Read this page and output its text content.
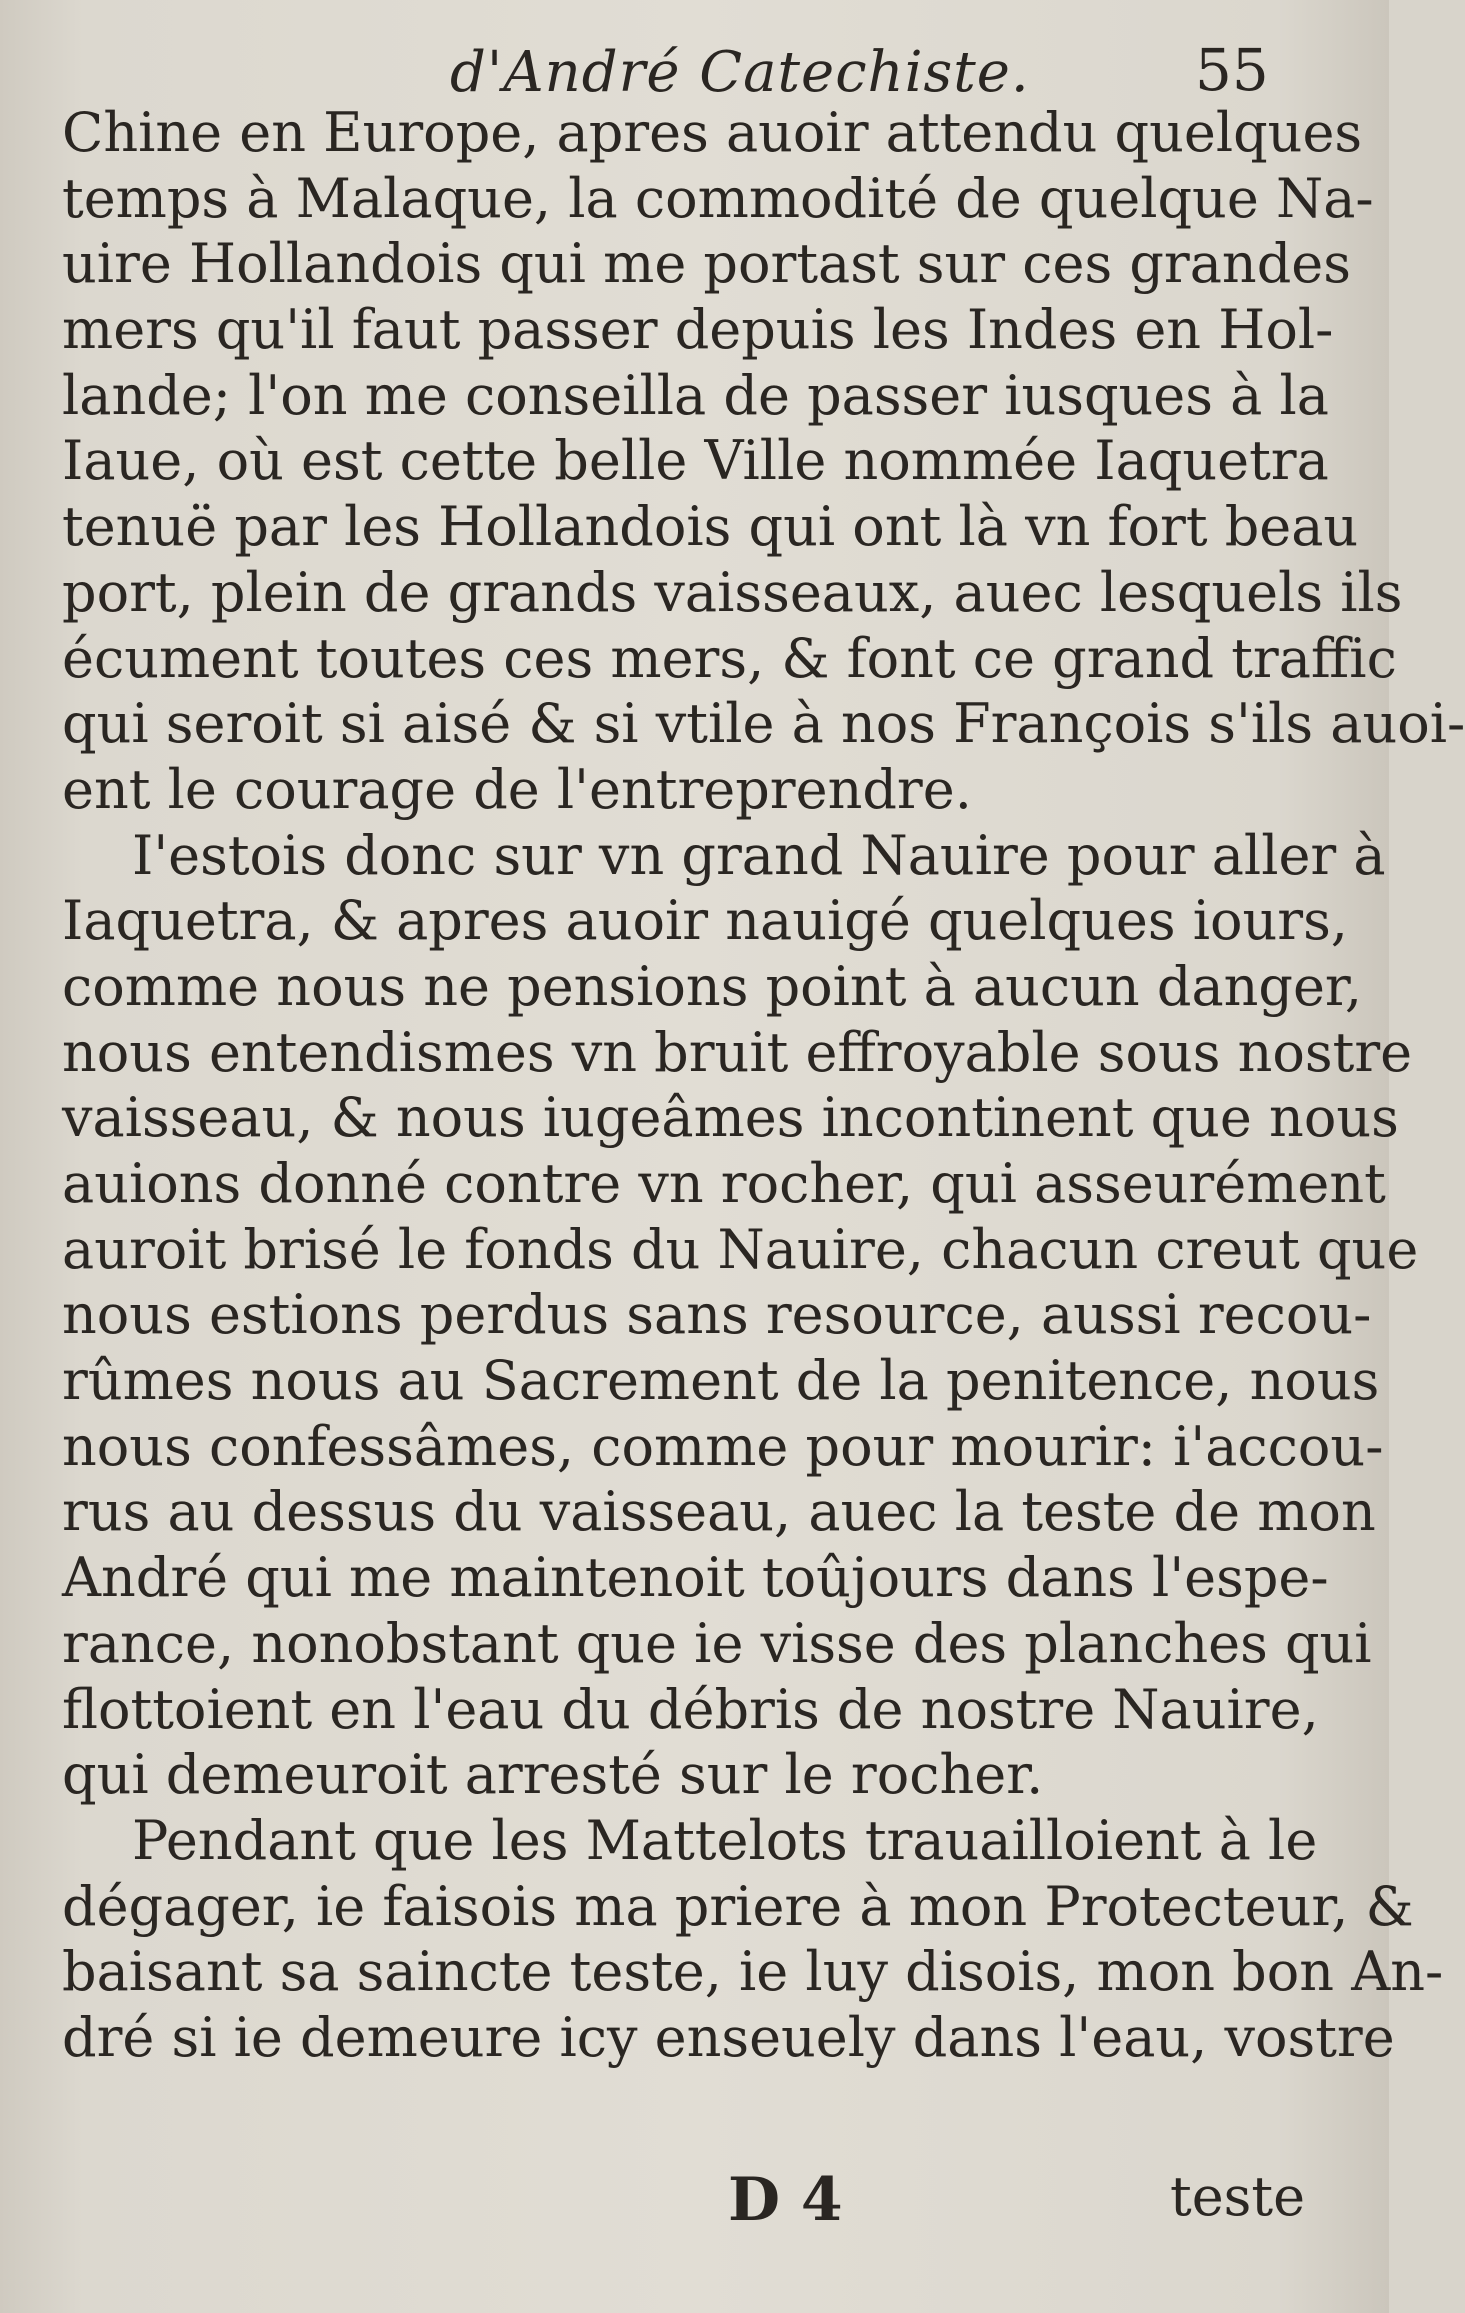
d'André Catechiste.	55
Chine en Europe, apres auoir attendu quelques
temps à Malaque, la commodité de quelque Na-
uire Hollandois qui me portast sur ces grandes
mers qu'il faut passer depuis les Indes en Hol-
lande; l'on me conseilla de passer iusques à la
Iaue, où est cette belle Ville nommée Iaquetra
tenuë par les Hollandois qui ont là vn fort beau
port, plein de grands vaisseaux, auec lesquels ils
écument toutes ces mers, & font ce grand traffic
qui seroit si aisé & si vtile à nos François s'ils auoi-
ent le courage de l'entreprendre.
I'estois donc sur vn grand Nauire pour aller à
Iaquetra, & apres auoir nauigé quelques iours,
comme nous ne pensions point à aucun danger,
nous entendismes vn bruit effroyable sous nostre
vaisseau, & nous iugeâmes incontinent que nous
auions donné contre vn rocher, qui asseurément
auroit brisé le fonds du Nauire, chacun creut que
nous estions perdus sans resource, aussi recou-
rûmes nous au Sacrement de la penitence, nous
nous confessâmes, comme pour mourir: i'accou-
rus au dessus du vaisseau, auec la teste de mon
André qui me maintenoit toûjours dans l'espe-
rance, nonobstant que ie visse des planches qui
flottoient en l'eau du débris de nostre Nauire,
qui demeuroit arresté sur le rocher.
Pendant que les Mattelots trauailloient à le
dégager, ie faisois ma priere à mon Protecteur, &
baisant sa saincte teste, ie luy disois, mon bon An-
dré si ie demeure icy enseuely dans l'eau, vostre
D 4	teste
